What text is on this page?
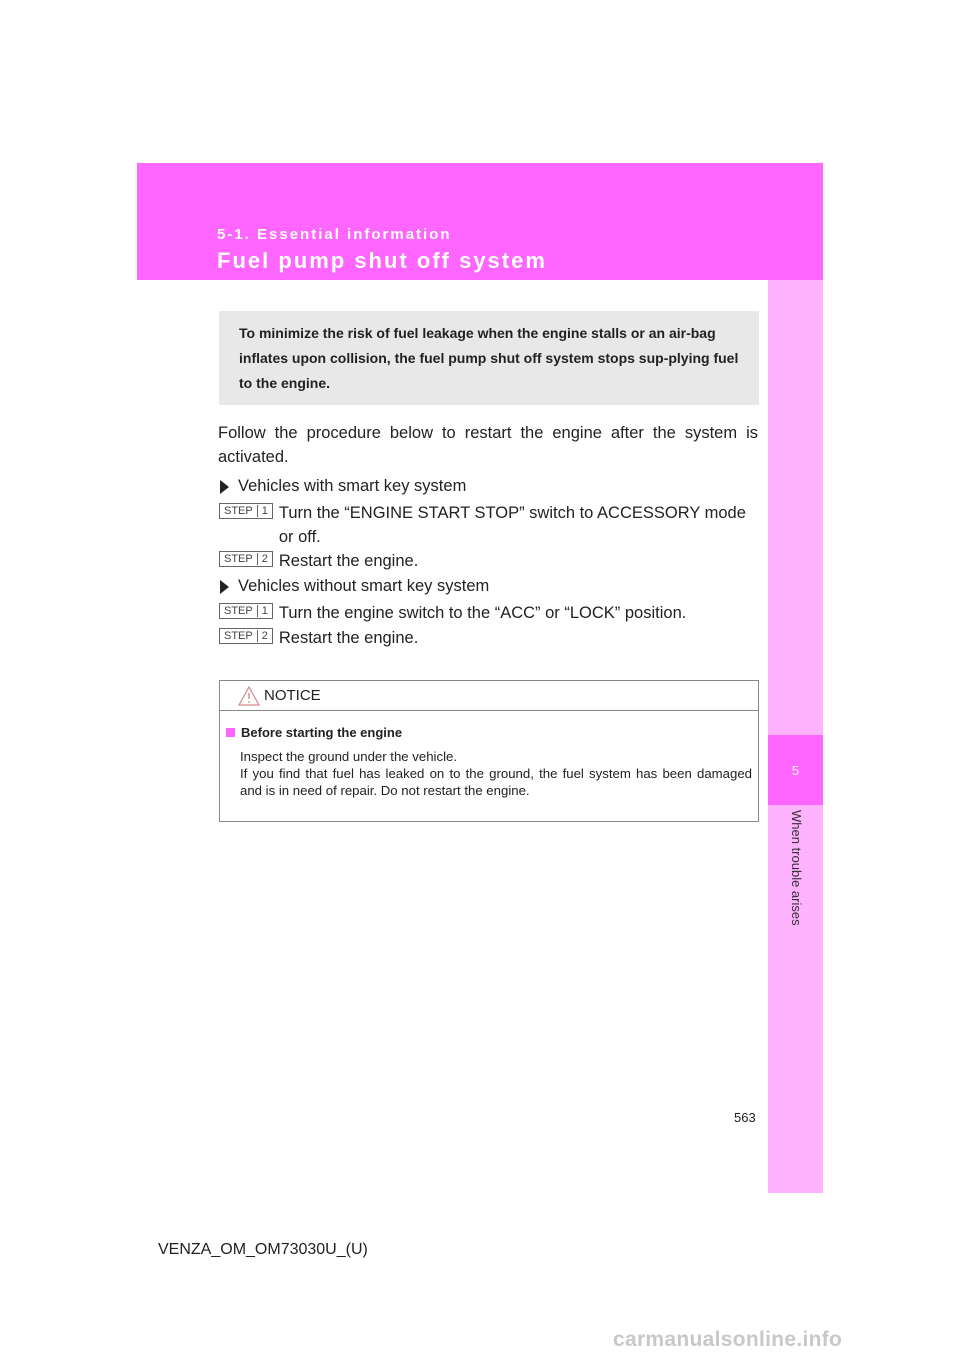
5-1. Essential information
Fuel pump shut off system
5
When trouble arises
To minimize the risk of fuel leakage when the engine stalls or an air-bag inflates upon collision, the fuel pump shut off system stops sup-plying fuel to the engine.
Follow the procedure below to restart the engine after the system is activated.
Vehicles with smart key system
STEP 1 Turn the “ENGINE START STOP” switch to ACCESSORY mode or off.
STEP 2 Restart the engine.
Vehicles without smart key system
STEP 1 Turn the engine switch to the “ACC” or “LOCK” position.
STEP 2 Restart the engine.
NOTICE
Before starting the engine
Inspect the ground under the vehicle.
If you find that fuel has leaked on to the ground, the fuel system has been damaged and is in need of repair. Do not restart the engine.
563
VENZA_OM_OM73030U_(U)
carmanualsonline.info
